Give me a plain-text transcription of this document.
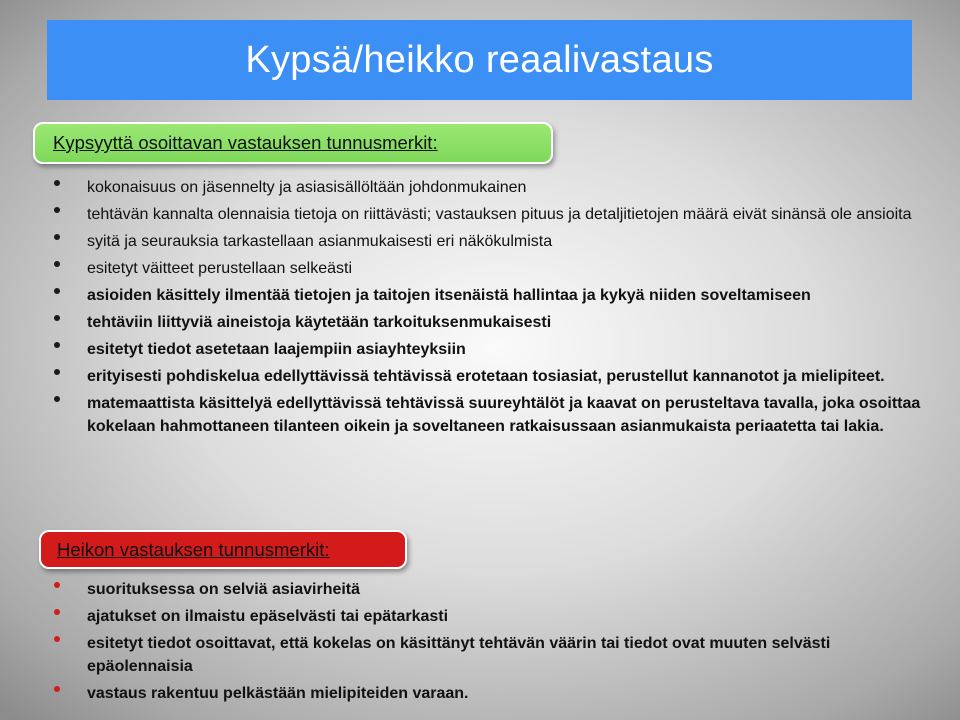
Kypsä/heikko reaalivastaus
Kypsyyttä osoittavan vastauksen tunnusmerkit:
kokonaisuus on jäsennelty ja asiasisällöltään johdonmukainen
tehtävän kannalta olennaisia tietoja on riittävästi; vastauksen pituus ja detaljitietojen määrä eivät sinänsä ole ansioita
syitä ja seurauksia tarkastellaan asianmukaisesti eri näkökulmista
esitetyt väitteet perustellaan selkeästi
asioiden käsittely ilmentää tietojen ja taitojen itsenäistä hallintaa ja kykyä niiden soveltamiseen
tehtäviin liittyviä aineistoja käytetään tarkoituksenmukaisesti
esitetyt tiedot asetetaan laajempiin asiayhteyksiin
erityisesti pohdiskelua edellyttävissä tehtävissä erotetaan tosiasiat, perustellut kannanotot ja mielipiteet.
matemaattista käsittelyä edellyttävissä tehtävissä suureyhtälöt ja kaavat on perusteltava tavalla, joka osoittaa kokelaan hahmottaneen tilanteen oikein ja soveltaneen ratkaisussaan asianmukaista periaatetta tai lakia.
Heikon vastauksen tunnusmerkit:
suorituksessa on selviä asiavirheitä
ajatukset on ilmaistu epäselvästi tai epätarkasti
esitetyt tiedot osoittavat, että kokelas on käsittänyt tehtävän väärin tai tiedot ovat muuten selvästi epäolennaisia
vastaus rakentuu pelkästään mielipiteiden varaan.
